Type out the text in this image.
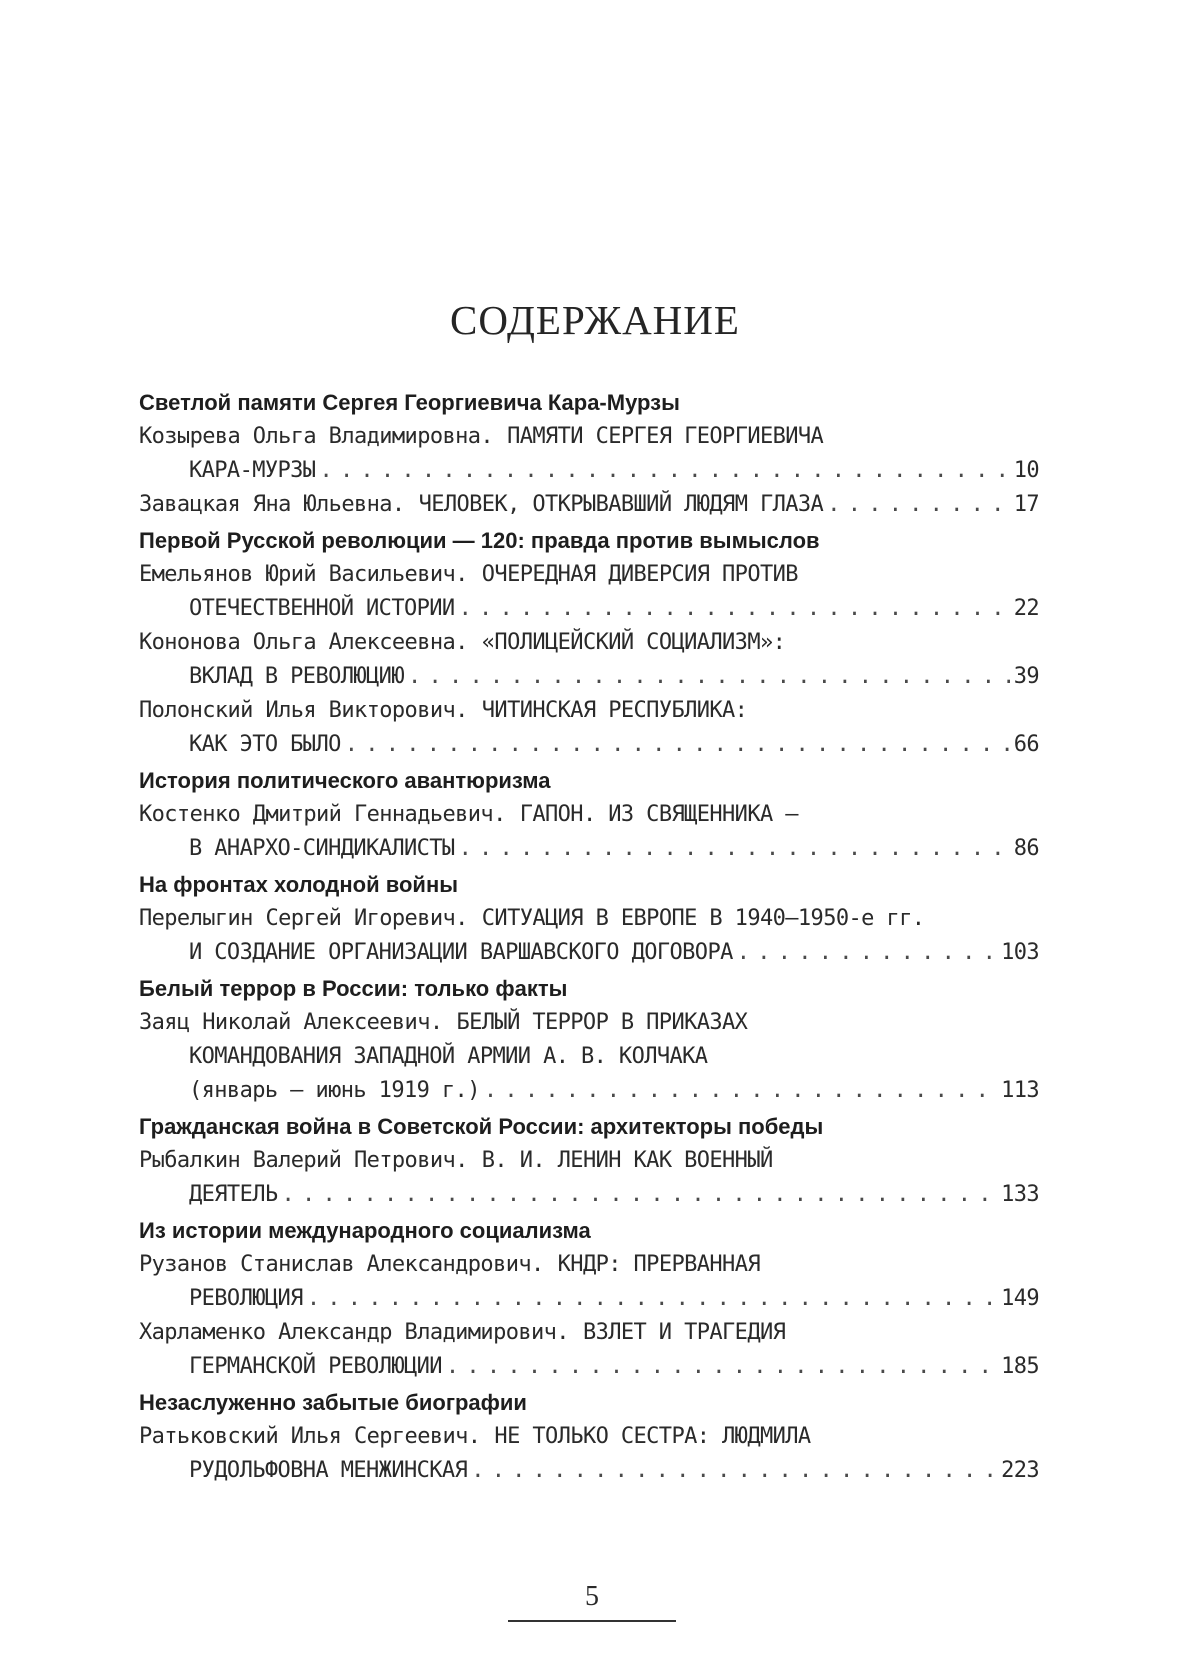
СОДЕРЖАНИЕ
Светлой памяти Сергея Георгиевича Кара-Мурзы
Козырева Ольга Владимировна. ПАМЯТИ СЕРГЕЯ ГЕОРГИЕВИЧА
КАРА-МУРЗЫ . . .	10
Завацкая Яна Юльевна. ЧЕЛОВЕК, ОТКРЫВАВШИЙ ЛЮДЯМ ГЛАЗА . . .	17
Первой Русской революции — 120: правда против вымыслов
Емельянов Юрий Васильевич. ОЧЕРЕДНАЯ ДИВЕРСИЯ ПРОТИВ
ОТЕЧЕСТВЕННОЙ ИСТОРИИ . . .	22
Кононова Ольга Алексеевна. «ПОЛИЦЕЙСКИЙ СОЦИАЛИЗМ»:
ВКЛАД В РЕВОЛЮЦИЮ . . .	39
Полонский Илья Викторович. ЧИТИНСКАЯ РЕСПУБЛИКА:
КАК ЭТО БЫЛО . . .	66
История политического авантюризма
Костенко Дмитрий Геннадьевич. ГАПОН. ИЗ СВЯЩЕННИКА —
В АНАРХО-СИНДИКАЛИСТЫ . . .	86
На фронтах холодной войны
Перелыгин Сергей Игоревич. СИТУАЦИЯ В ЕВРОПЕ В 1940–1950-е гг.
И СОЗДАНИЕ ОРГАНИЗАЦИИ ВАРШАВСКОГО ДОГОВОРА . . .	103
Белый террор в России: только факты
Заяц Николай Алексеевич. БЕЛЫЙ ТЕРРОР В ПРИКАЗАХ
КОМАНДОВАНИЯ ЗАПАДНОЙ АРМИИ А. В. КОЛЧАКА
(январь — июнь 1919 г.) . . .	113
Гражданская война в Советской России: архитекторы победы
Рыбалкин Валерий Петрович. В. И. ЛЕНИН КАК ВОЕННЫЙ
ДЕЯТЕЛЬ . . .	133
Из истории международного социализма
Рузанов Станислав Александрович. КНДР: ПРЕРВАННАЯ
РЕВОЛЮЦИЯ . . .	149
Харламенко Александр Владимирович. ВЗЛЕТ И ТРАГЕДИЯ
ГЕРМАНСКОЙ РЕВОЛЮЦИИ . . .	185
Незаслуженно забытые биографии
Ратьковский Илья Сергеевич. НЕ ТОЛЬКО СЕСТРА: ЛЮДМИЛА
РУДОЛЬФОВНА МЕНЖИНСКАЯ . . .	223
5
